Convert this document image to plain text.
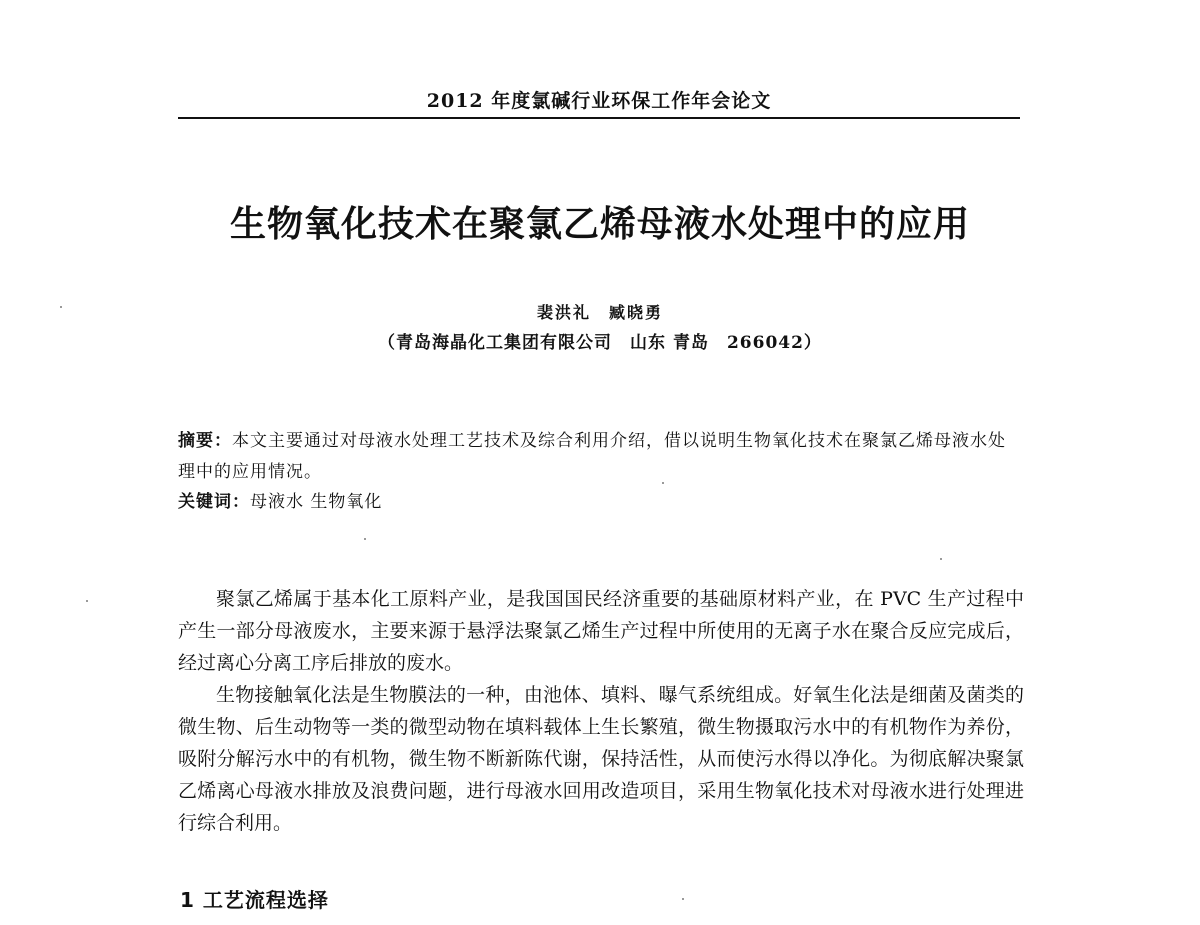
2012 年度氯碱行业环保工作年会论文
生物氧化技术在聚氯乙烯母液水处理中的应用
裴洪礼　臧晓勇
（青岛海晶化工集团有限公司　山东 青岛　266042）
摘要：本文主要通过对母液水处理工艺技术及综合利用介绍，借以说明生物氧化技术在聚氯乙烯母液水处理中的应用情况。
关键词：母液水 生物氧化

聚氯乙烯属于基本化工原料产业，是我国国民经济重要的基础原材料产业，在 PVC 生产过程中产生一部分母液废水，主要来源于悬浮法聚氯乙烯生产过程中所使用的无离子水在聚合反应完成后，经过离心分离工序后排放的废水。

生物接触氧化法是生物膜法的一种，由池体、填料、曝气系统组成。好氧生化法是细菌及菌类的微生物、后生动物等一类的微型动物在填料载体上生长繁殖，微生物摄取污水中的有机物作为养份，吸附分解污水中的有机物，微生物不断新陈代谢，保持活性，从而使污水得以净化。为彻底解决聚氯乙烯离心母液水排放及浪费问题，进行母液水回用改造项目，采用生物氧化技术对母液水进行处理进行综合利用。

1 工艺流程选择
